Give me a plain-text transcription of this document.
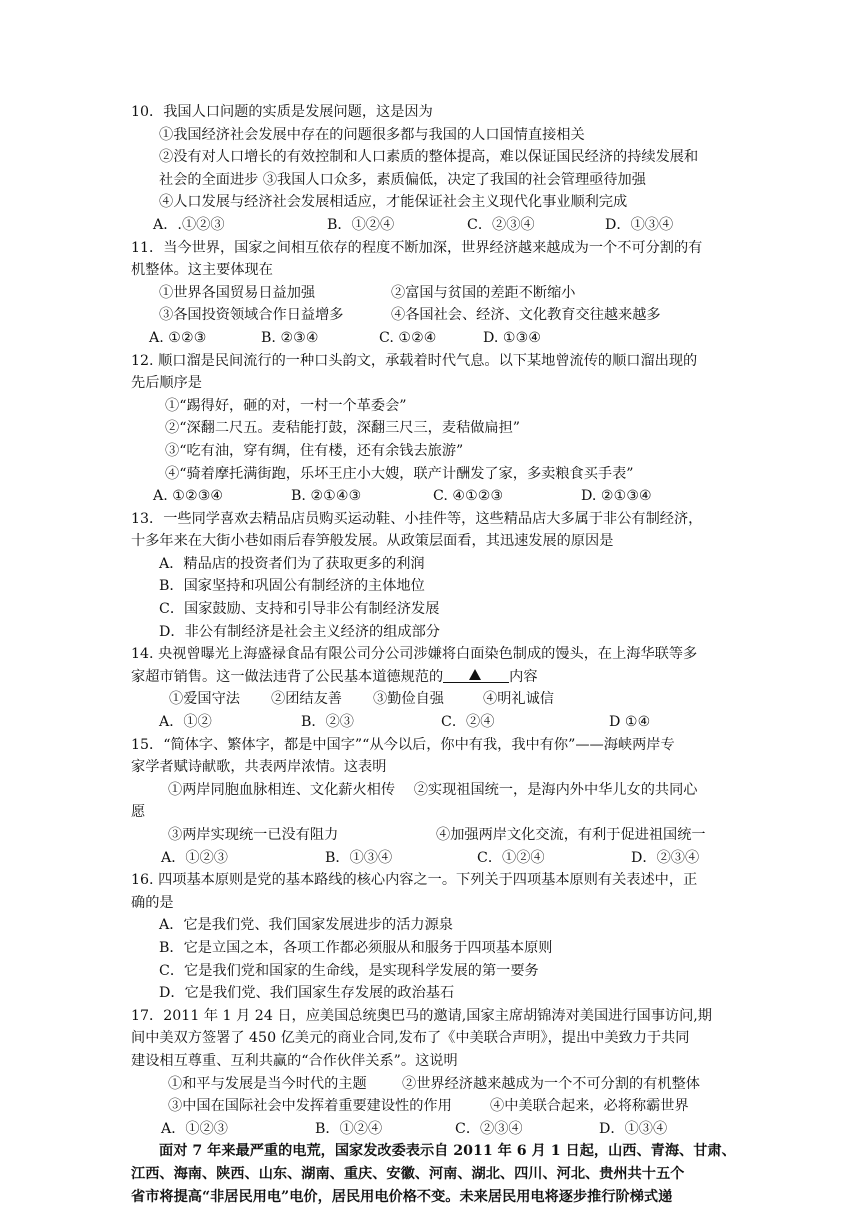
10．我国人口问题的实质是发展问题，这是因为
①我国经济社会发展中存在的问题很多都与我国的人口国情直接相关
②没有对人口增长的有效控制和人口素质的整体提高，难以保证国民经济的持续发展和
社会的全面进步 ③我国人口众多，素质偏低，决定了我国的社会管理亟待加强
④人口发展与经济社会发展相适应，才能保证社会主义现代化事业顺利完成
A．.①②③	B．①②④	C．②③④	D．①③④
11．当今世界，国家之间相互依存的程度不断加深，世界经济越来越成为一个不可分割的有
机整体。这主要体现在
①世界各国贸易日益加强	②富国与贫国的差距不断缩小
③各国投资领域合作日益增多	④各国社会、经济、文化教育交往越来越多
A. ①②③	B. ②③④	C. ①②④	D. ①③④
12. 顺口溜是民间流行的一种口头韵文，承载着时代气息。以下某地曾流传的顺口溜出现的
先后顺序是
①“踢得好，砸的对，一村一个革委会”
②“深翻二尺五。麦秸能打鼓，深翻三尺三，麦秸做扁担”
③“吃有油，穿有绸，住有楼，还有余钱去旅游”
④“骑着摩托满街跑，乐坏王庄小大嫂，联产计酬发了家，多卖粮食买手表”
A. ①②③④	B. ②①④③	C. ④①②③	D. ②①③④
13．一些同学喜欢去精品店员购买运动鞋、小挂件等，这些精品店大多属于非公有制经济，
十多年来在大街小巷如雨后春笋般发展。从政策层面看，其迅速发展的原因是
A．精品店的投资者们为了获取更多的利润
B．国家坚持和巩固公有制经济的主体地位
C．国家鼓励、支持和引导非公有制经济发展
D．非公有制经济是社会主义经济的组成部分
14. 央视曾曝光上海盛禄食品有限公司分公司涉嫌将白面染色制成的馒头，在上海华联等多
家超市销售。这一做法违背了公民基本道德规范的	内容
①爱国守法	②团结友善	③勤俭自强	④明礼诚信
A．①②	B．②③	C．②④	D ①④
15．“简体字、繁体字，都是中国字”“从今以后，你中有我，我中有你”——海峡两岸专
家学者赋诗献歌，共表两岸浓情。这表明
①两岸同胞血脉相连、文化薪火相传　 ②实现祖国统一，是海内外中华儿女的共同心
愿
③两岸实现统一已没有阻力	④加强两岸文化交流，有利于促进祖国统一
A．①②③	B．①③④	C．①②④	D．②③④
16. 四项基本原则是党的基本路线的核心内容之一。下列关于四项基本原则有关表述中，正
确的是
A．它是我们党、我们国家发展进步的活力源泉
B．它是立国之本，各项工作都必须服从和服务于四项基本原则
C．它是我们党和国家的生命线，是实现科学发展的第一要务
D．它是我们党、我们国家生存发展的政治基石
17．2011 年 1 月 24 日，应美国总统奥巴马的邀请,国家主席胡锦涛对美国进行国事访问,期
间中美双方签署了 450 亿美元的商业合同,发布了《中美联合声明》，提出中美致力于共同
建设相互尊重、互利共赢的“合作伙伴关系”。这说明
①和平与发展是当今时代的主题	②世界经济越来越成为一个不可分割的有机整体
③中国在国际社会中发挥着重要建设性的作用	④中美联合起来，必将称霸世界
A．①②③	B．①②④	C．②③④	D．①③④
面对 7 年来最严重的电荒，国家发改委表示自 2011 年 6 月 1 日起，山西、青海、甘肃、
江西、海南、陕西、山东、湖南、重庆、安徽、河南、湖北、四川、河北、贵州共十五个
省市将提高“非居民用电”电价，居民用电价格不变。未来居民用电将逐步推行阶梯式递
